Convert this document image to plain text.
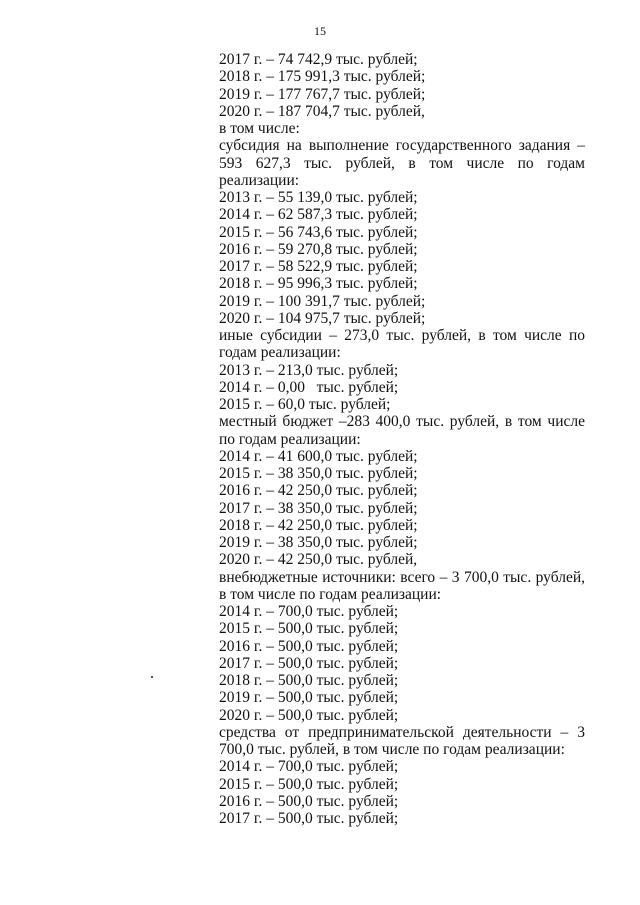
15
2017 г. – 74 742,9 тыс. рублей;
2018 г. – 175 991,3 тыс. рублей;
2019 г. – 177 767,7 тыс. рублей;
2020 г. – 187 704,7 тыс. рублей,
в том числе:
субсидия на выполнение государственного задания – 593 627,3 тыс. рублей, в том числе по годам реализации:
2013 г. – 55 139,0 тыс. рублей;
2014 г. – 62 587,3 тыс. рублей;
2015 г. – 56 743,6 тыс. рублей;
2016 г. – 59 270,8 тыс. рублей;
2017 г. – 58 522,9 тыс. рублей;
2018 г. – 95 996,3 тыс. рублей;
2019 г. – 100 391,7 тыс. рублей;
2020 г. – 104 975,7 тыс. рублей;
иные субсидии – 273,0 тыс. рублей, в том числе по годам реализации:
2013 г. – 213,0 тыс. рублей;
2014 г. – 0,00   тыс. рублей;
2015 г. – 60,0 тыс. рублей;
местный бюджет –283 400,0 тыс. рублей, в том числе по годам реализации:
2014 г. – 41 600,0 тыс. рублей;
2015 г. – 38 350,0 тыс. рублей;
2016 г. – 42 250,0 тыс. рублей;
2017 г. – 38 350,0 тыс. рублей;
2018 г. – 42 250,0 тыс. рублей;
2019 г. – 38 350,0 тыс. рублей;
2020 г. – 42 250,0 тыс. рублей,
внебюджетные источники: всего – 3 700,0 тыс. рублей, в том числе по годам реализации:
2014 г. – 700,0 тыс. рублей;
2015 г. – 500,0 тыс. рублей;
2016 г. – 500,0 тыс. рублей;
2017 г. – 500,0 тыс. рублей;
2018 г. – 500,0 тыс. рублей;
2019 г. – 500,0 тыс. рублей;
2020 г. – 500,0 тыс. рублей;
средства от предпринимательской деятельности – 3 700,0 тыс. рублей, в том числе по годам реализации:
2014 г. – 700,0 тыс. рублей;
2015 г. – 500,0 тыс. рублей;
2016 г. – 500,0 тыс. рублей;
2017 г. – 500,0 тыс. рублей;
